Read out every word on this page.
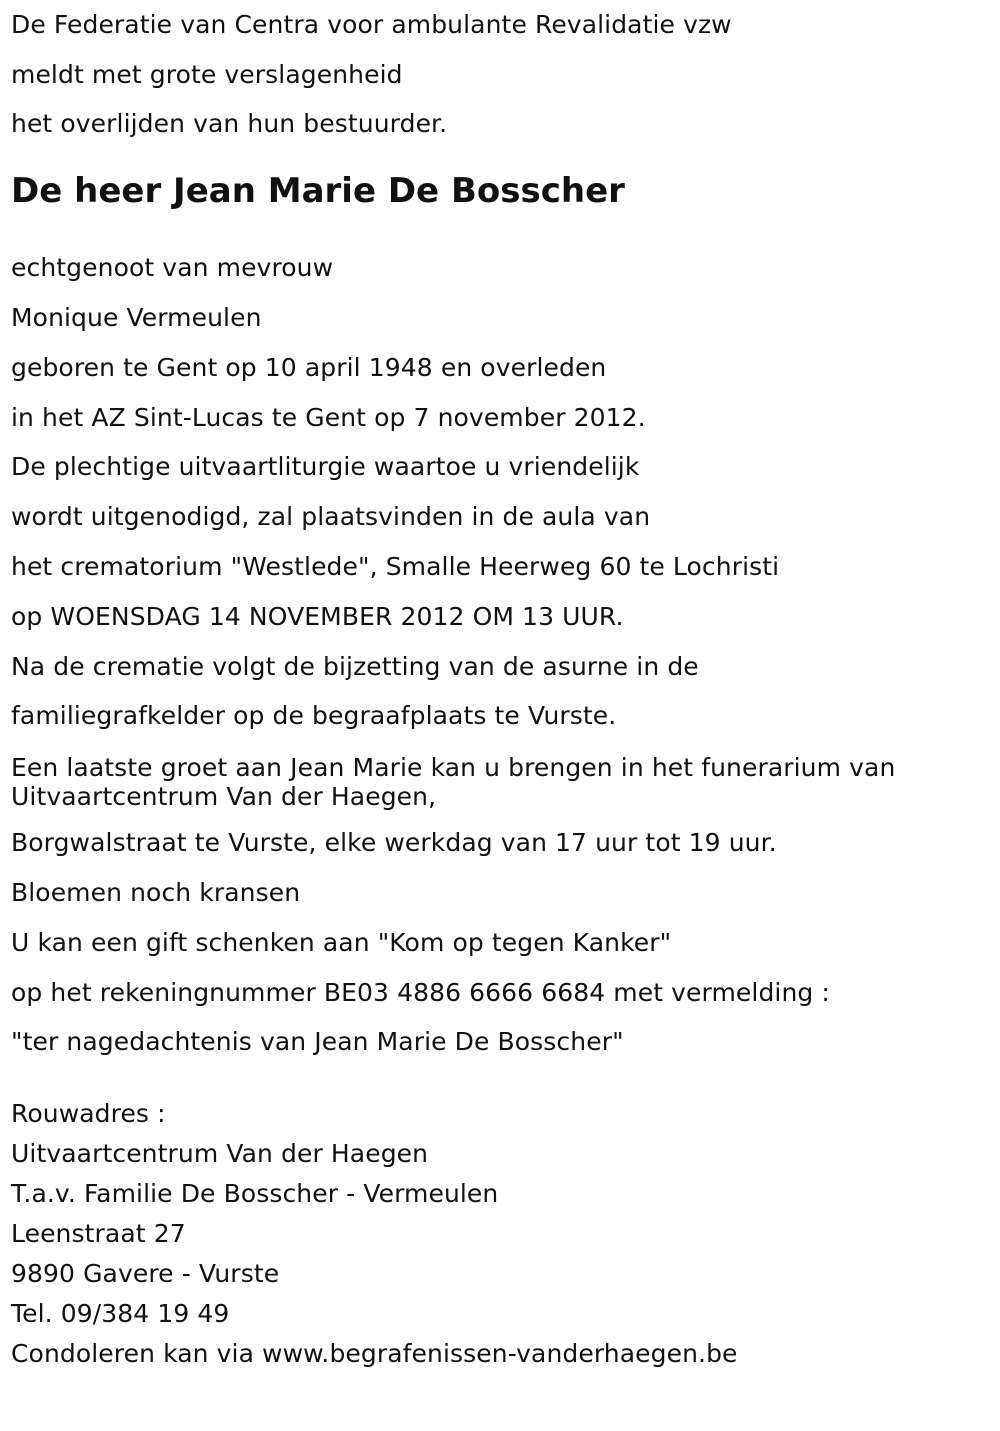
De Federatie van Centra voor ambulante Revalidatie vzw
meldt met grote verslagenheid
het overlijden van hun bestuurder.
De heer Jean Marie De Bosscher
echtgenoot van mevrouw
Monique Vermeulen
geboren te Gent op 10 april 1948 en overleden
in het AZ Sint-Lucas te Gent op 7 november 2012.
De plechtige uitvaartliturgie waartoe u vriendelijk
wordt uitgenodigd, zal plaatsvinden in de aula van
het crematorium "Westlede", Smalle Heerweg 60 te Lochristi
op WOENSDAG 14 NOVEMBER 2012 OM 13 UUR.
Na de crematie volgt de bijzetting van de asurne in de
familiegrafkelder op de begraafplaats te Vurste.
Een laatste groet aan Jean Marie kan u brengen in het funerarium van Uitvaartcentrum Van der Haegen,
Borgwalstraat te Vurste, elke werkdag van 17 uur tot 19 uur.
Bloemen noch kransen
U kan een gift schenken aan "Kom op tegen Kanker"
op het rekeningnummer BE03 4886 6666 6684 met vermelding :
"ter nagedachtenis van Jean Marie De Bosscher"
Rouwadres :
Uitvaartcentrum Van der Haegen
T.a.v. Familie De Bosscher - Vermeulen
Leenstraat 27
9890 Gavere - Vurste
Tel. 09/384 19 49
Condoleren kan via www.begrafenissen-vanderhaegen.be
